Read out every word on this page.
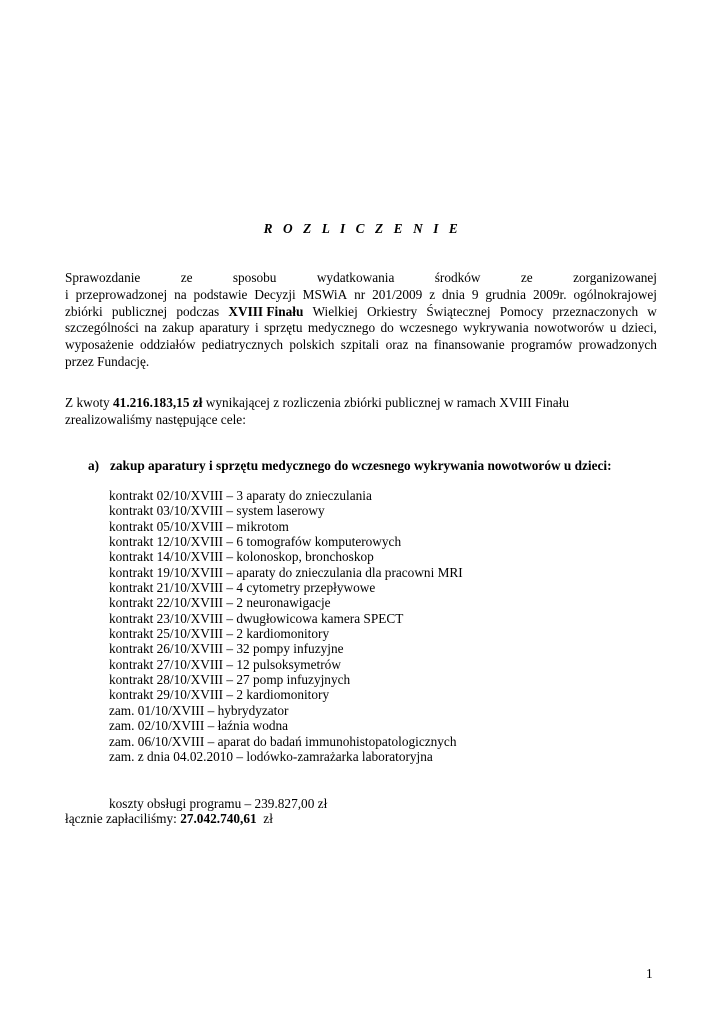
R O Z L I C Z E N I E
Sprawozdanie	ze	sposobu	wydatkowania	środków	ze	zorganizowanej
i przeprowadzonej na podstawie Decyzji MSWiA nr 201/2009 z dnia 9 grudnia 2009r. ogólnokrajowej
zbiórki publicznej podczas XVIII Finału Wielkiej Orkiestry Świątecznej Pomocy przeznaczonych w
szczególności na zakup aparatury i sprzętu medycznego do wczesnego wykrywania nowotworów u dzieci,
wyposażenie oddziałów pediatrycznych polskich szpitali oraz na finansowanie programów prowadzonych
przez Fundację.
Z kwoty 41.216.183,15 zł wynikającej z rozliczenia zbiórki publicznej w ramach XVIII Finału
zrealizowaliśmy następujące cele:
a) zakup aparatury i sprzętu medycznego do wczesnego wykrywania nowotworów u dzieci:
kontrakt 02/10/XVIII – 3 aparaty do znieczulania
kontrakt 03/10/XVIII – system laserowy
kontrakt 05/10/XVIII – mikrotom
kontrakt 12/10/XVIII – 6 tomografów komputerowych
kontrakt 14/10/XVIII – kolonoskop, bronchoskop
kontrakt 19/10/XVIII – aparaty do znieczulania dla pracowni MRI
kontrakt 21/10/XVIII – 4 cytometry przepływowe
kontrakt 22/10/XVIII – 2 neuronawigacje
kontrakt 23/10/XVIII – dwugłowicowa kamera SPECT
kontrakt 25/10/XVIII – 2 kardiomonitory
kontrakt 26/10/XVIII – 32 pompy infuzyjne
kontrakt 27/10/XVIII – 12 pulsoksymetrów
kontrakt 28/10/XVIII – 27 pomp infuzyjnych
kontrakt 29/10/XVIII – 2 kardiomonitory
zam. 01/10/XVIII – hybrydyzator
zam. 02/10/XVIII – łaźnia wodna
zam. 06/10/XVIII – aparat do badań immunohistopatologicznych
zam. z dnia 04.02.2010 – lodówko-zamrażarka laboratoryjna
koszty obsługi programu – 239.827,00 zł
łącznie zapłaciliśmy: 27.042.740,61  zł
1
